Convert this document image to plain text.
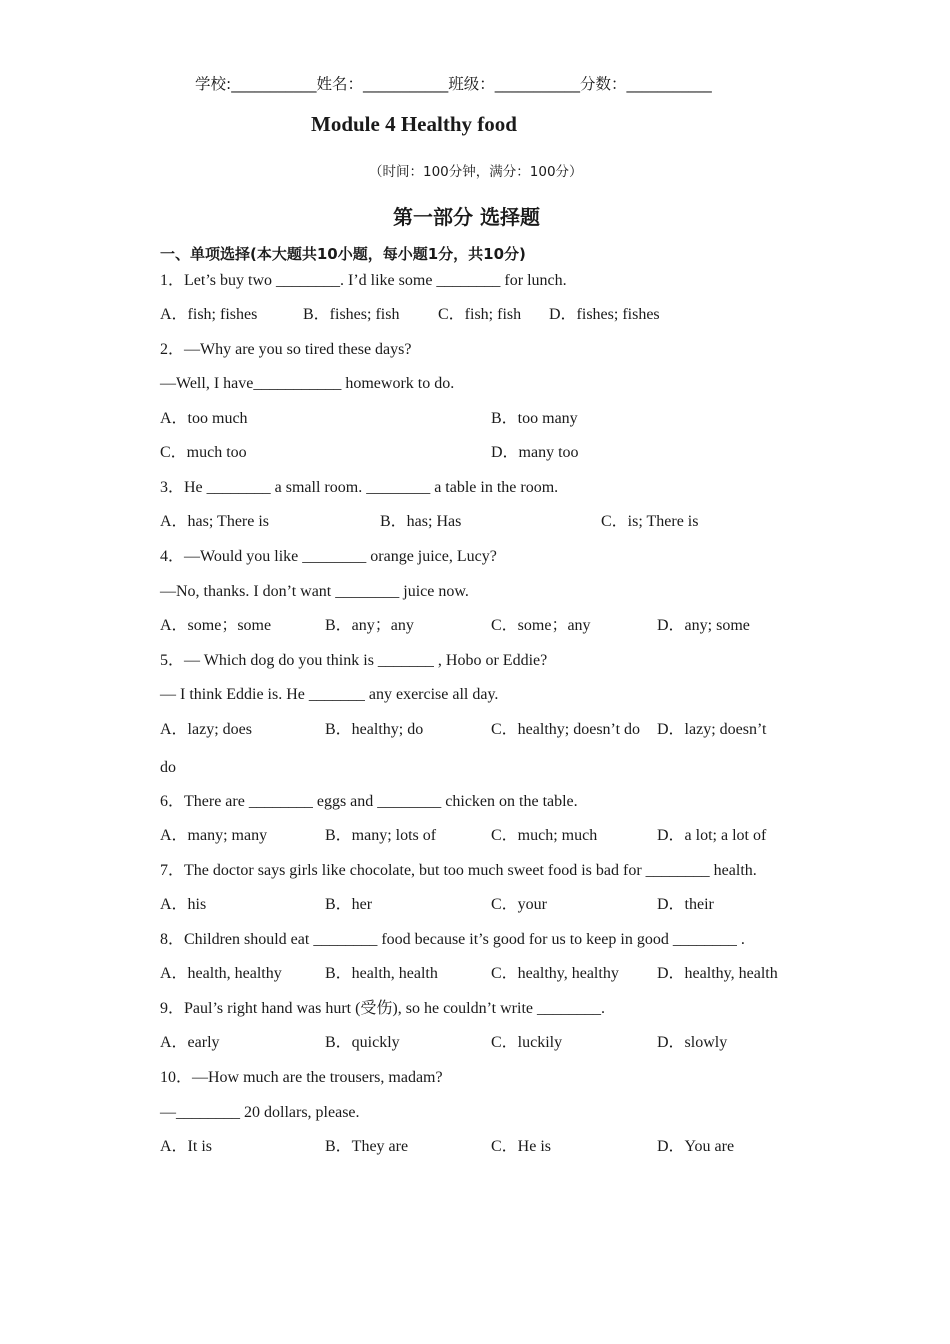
学校:___________姓名：___________班级：___________分数：___________
Module 4 Healthy food
（时间：100分钟，满分：100分）
第一部分 选择题
一、单项选择(本大题共10小题，每小题1分，共10分)
1．Let’s buy two ________. I’d like some ________ for lunch.
A．fish; fishes	B．fishes; fish C．fish; fish D．fishes; fishes
2．—Why are you so tired these days?
—Well, I have___________ homework to do.
A．too much	B．too many
C．much too	D．many too
3．He ________ a small room. ________ a table in the room.
A．has; There is	B．has; Has	C．is; There is
4．—Would you like ________ orange juice, Lucy?
—No, thanks. I don’t want ________ juice now.
A．some；some	B．any；any	C．some；any	D．any; some
5．— Which dog do you think is _______ , Hobo or Eddie?
— I think Eddie is. He _______ any exercise all day.
A．lazy; does	B．healthy; do	C．healthy; doesn’t do D．lazy; doesn’t
do
6．There are ________ eggs and ________ chicken on the table.
A．many; many	B．many; lots of	C．much; much	D．a lot; a lot of
7．The doctor says girls like chocolate, but too much sweet food is bad for ________ health.
A．his	B．her	C．your	D．their
8．Children should eat ________ food because it’s good for us to keep in good ________ .
A．health, healthy	B．health, health	C．healthy, healthy D．healthy, health
9．Paul’s right hand was hurt (受伤), so he couldn’t write ________.
A．early	B．quickly	C．luckily	D．slowly
10．—How much are the trousers, madam?
—________ 20 dollars, please.
A．It is	B．They are	C．He is	D．You are
